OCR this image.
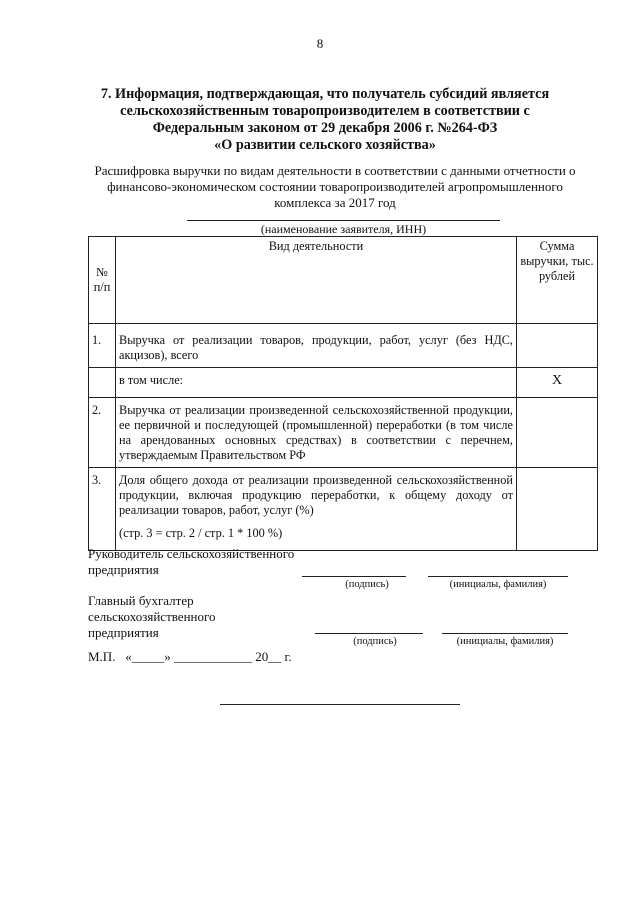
8
7. Информация, подтверждающая, что получатель субсидий является
сельскохозяйственным товаропроизводителем в соответствии с
Федеральным законом от 29 декабря 2006 г. №264-ФЗ
«О развитии сельского хозяйства»
Расшифровка выручки по видам деятельности в соответствии с данными отчетности о
финансово-экономическом состоянии товаропроизводителей агропромышленного
комплекса за 2017 год
(наименование заявителя, ИНН)
№ п/п	Вид деятельности	Сумма выручки, тыс. рублей
1.	Выручка от реализации товаров, продукции, работ, услуг (без НДС, акцизов), всего	
	в том числе:	Х
2.	Выручка от реализации произведенной сельскохозяйственной продукции, ее первичной и последующей (промышленной) переработки (в том числе на арендованных основных средствах) в соответствии с перечнем, утверждаемым Правительством РФ	
3.	Доля общего дохода от реализации произведенной сельскохозяйственной продукции, включая продукцию переработки, к общему доходу от реализации товаров, работ, услуг (%)
(стр. 3 = стр. 2 / стр. 1 * 100 %)	

Руководитель сельскохозяйственного
предприятия
(подпись)	(инициалы, фамилия)
Главный бухгалтер
сельскохозяйственного
предприятия
(подпись)	(инициалы, фамилия)
М.П.   «_____» ____________ 20__ г.
